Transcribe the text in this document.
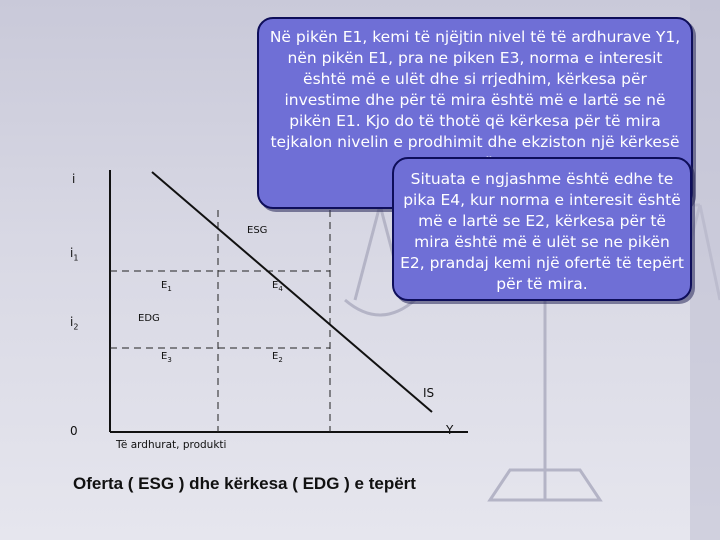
i
$i_1$
$i_2$
0	Y
Të ardhurat, produkti
$E_1$	$E_4$
$E_3$	$E_2$
ESG
EDG
IS
Në pikën E1, kemi të njëjtin nivel të të ardhurave Y1, nën pikën E1, pra ne piken E3, norma e interesit është më e ulët dhe si rrjedhim, kërkesa për investime dhe për të mira është më e lartë se në pikën E1. Kjo do të thotë që kërkesa për të mira tejkalon nivelin e prodhimit dhe ekziston një kërkesë
Situata e ngjashme është edhe te pika E4, kur norma e interesit është më e lartë se E2, kërkesa për të mira është më ë ulët se ne pikën E2, prandaj kemi një ofertë të tepërt për të mira.
Oferta ( ESG ) dhe kërkesa ( EDG ) e tepërt
